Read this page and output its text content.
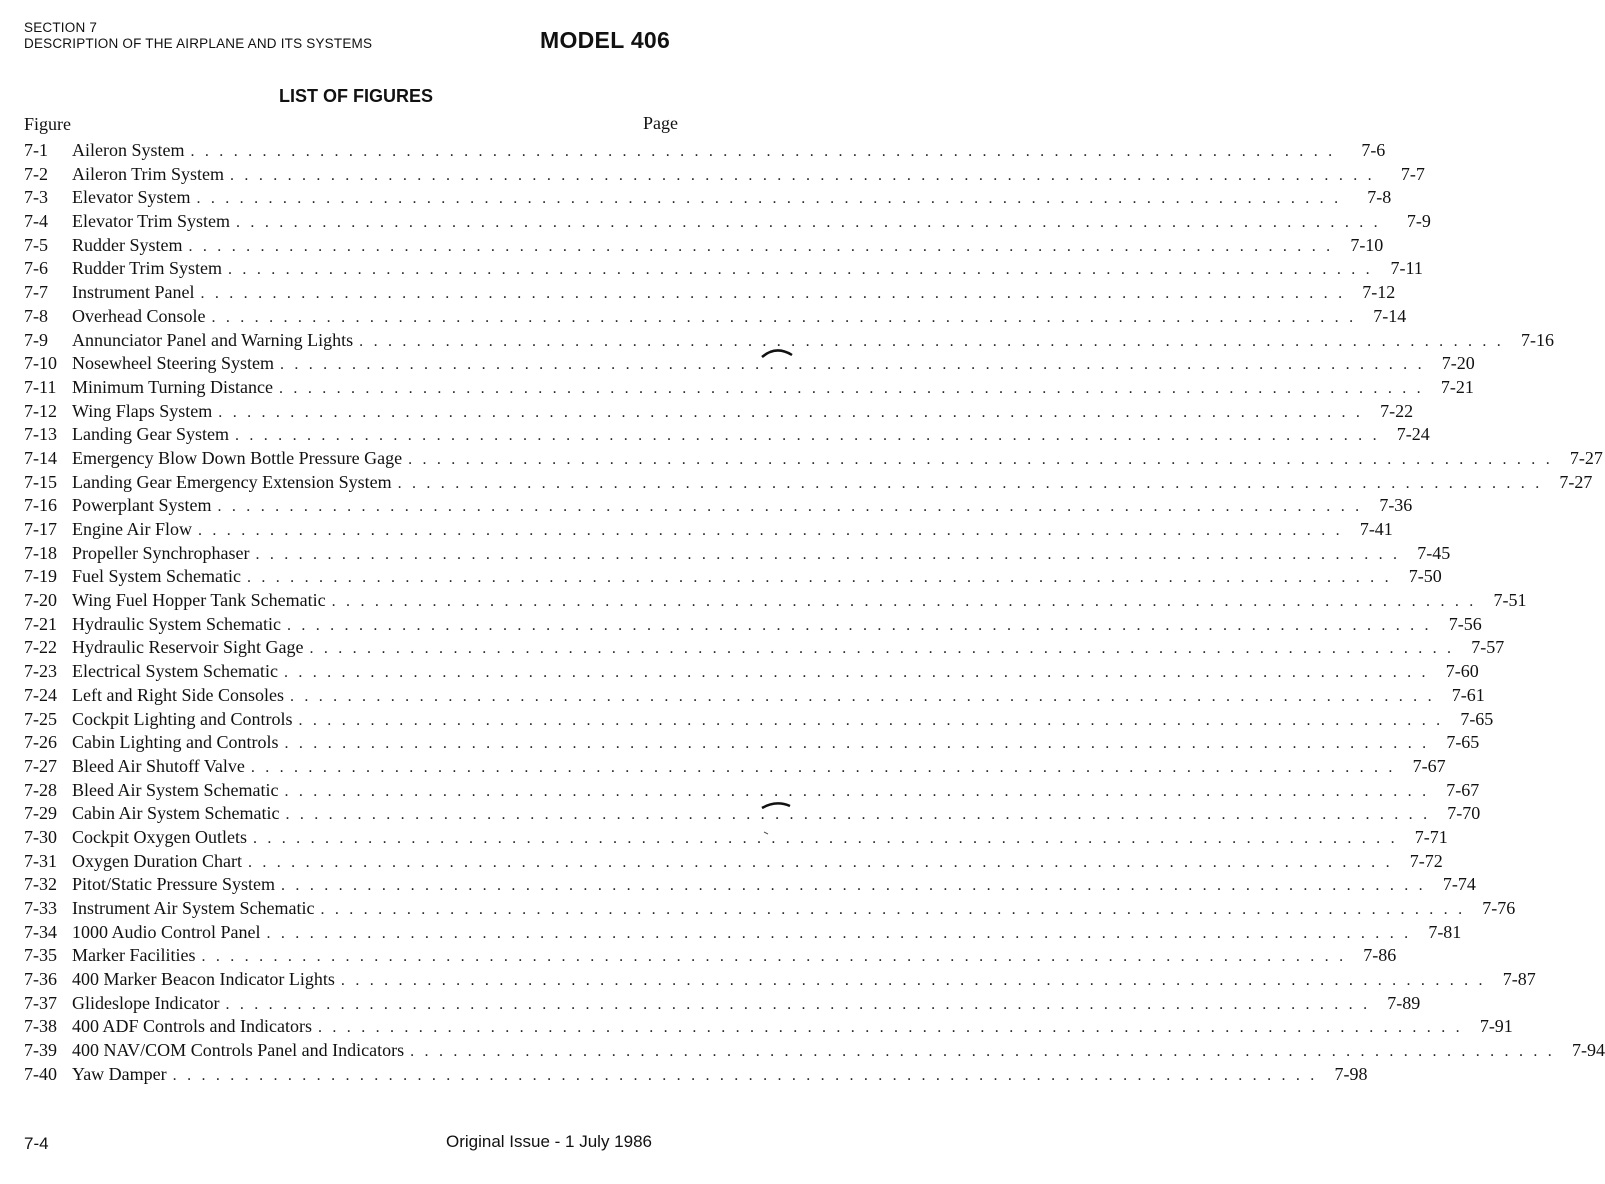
SECTION 7
DESCRIPTION OF THE AIRPLANE AND ITS SYSTEMS	MODEL 406
LIST OF FIGURES
Figure	Page
7-1	Aileron System . . . . . . . . . . . . . . . . . . . . . . . . . . . . . . . . . . . . . . . . . . . . . . . . . . . . . . . . . . . . . . . . . . . . . . . . . . . . . . . .	7-6
7-2	Aileron Trim System . . . . . . . . . . . . . . . . . . . . . . . . . . . . . . . . . . . . . . . . . . . . . . . . . . . . . . . . . . . . . . . . . . . . . . . . . . . . . . . .	7-7
7-3	Elevator System . . . . . . . . . . . . . . . . . . . . . . . . . . . . . . . . . . . . . . . . . . . . . . . . . . . . . . . . . . . . . . . . . . . . . . . . . . . . . . . .	7-8
7-4	Elevator Trim System . . . . . . . . . . . . . . . . . . . . . . . . . . . . . . . . . . . . . . . . . . . . . . . . . . . . . . . . . . . . . . . . . . . . . . . . . . . . . . . .	7-9
7-5	Rudder System . . . . . . . . . . . . . . . . . . . . . . . . . . . . . . . . . . . . . . . . . . . . . . . . . . . . . . . . . . . . . . . . . . . . . . . . . . . . . . . . 7-10
7-6	Rudder Trim System . . . . . . . . . . . . . . . . . . . . . . . . . . . . . . . . . . . . . . . . . . . . . . . . . . . . . . . . . . . . . . . . . . . . . . . . . . . . . . . . 7-11
7-7	Instrument Panel . . . . . . . . . . . . . . . . . . . . . . . . . . . . . . . . . . . . . . . . . . . . . . . . . . . . . . . . . . . . . . . . . . . . . . . . . . . . . . . . 7-12
7-8	Overhead Console . . . . . . . . . . . . . . . . . . . . . . . . . . . . . . . . . . . . . . . . . . . . . . . . . . . . . . . . . . . . . . . . . . . . . . . . . . . . . . . . 7-14
7-9	Annunciator Panel and Warning Lights . . . . . . . . . . . . . . . . . . . . . . . . . . . . . . . . . . . . . . . . . . . . . . . . . . . . . . . . . . . . . . . . . . . . . . . . . . . . . . . . 7-16
7-10 Nosewheel Steering System . . . . . . . . . . . . . . . . . . . . . . . . . . . . . . . . . . . . . . . . . . . . . . . . . . . . . . . . . . . . . . . . . . . . . . . . . . . . . . . . 7-20
7-11 Minimum Turning Distance . . . . . . . . . . . . . . . . . . . . . . . . . . . . . . . . . . . . . . . . . . . . . . . . . . . . . . . . . . . . . . . . . . . . . . . . . . . . . . . . 7-21
7-12 Wing Flaps System . . . . . . . . . . . . . . . . . . . . . . . . . . . . . . . . . . . . . . . . . . . . . . . . . . . . . . . . . . . . . . . . . . . . . . . . . . . . . . . . 7-22
7-13 Landing Gear System . . . . . . . . . . . . . . . . . . . . . . . . . . . . . . . . . . . . . . . . . . . . . . . . . . . . . . . . . . . . . . . . . . . . . . . . . . . . . . . . 7-24
7-14 Emergency Blow Down Bottle Pressure Gage . . . . . . . . . . . . . . . . . . . . . . . . . . . . . . . . . . . . . . . . . . . . . . . . . . . . . . . . . . . . . . . . . . . . . . . . . . . . . . . . 7-27
7-15 Landing Gear Emergency Extension System . . . . . . . . . . . . . . . . . . . . . . . . . . . . . . . . . . . . . . . . . . . . . . . . . . . . . . . . . . . . . . . . . . . . . . . . . . . . . . . . 7-27
7-16 Powerplant System . . . . . . . . . . . . . . . . . . . . . . . . . . . . . . . . . . . . . . . . . . . . . . . . . . . . . . . . . . . . . . . . . . . . . . . . . . . . . . . . 7-36
7-17 Engine Air Flow . . . . . . . . . . . . . . . . . . . . . . . . . . . . . . . . . . . . . . . . . . . . . . . . . . . . . . . . . . . . . . . . . . . . . . . . . . . . . . . . 7-41
7-18 Propeller Synchrophaser . . . . . . . . . . . . . . . . . . . . . . . . . . . . . . . . . . . . . . . . . . . . . . . . . . . . . . . . . . . . . . . . . . . . . . . . . . . . . . . . 7-45
7-19 Fuel System Schematic . . . . . . . . . . . . . . . . . . . . . . . . . . . . . . . . . . . . . . . . . . . . . . . . . . . . . . . . . . . . . . . . . . . . . . . . . . . . . . . . 7-50
7-20 Wing Fuel Hopper Tank Schematic . . . . . . . . . . . . . . . . . . . . . . . . . . . . . . . . . . . . . . . . . . . . . . . . . . . . . . . . . . . . . . . . . . . . . . . . . . . . . . . . 7-51
7-21 Hydraulic System Schematic . . . . . . . . . . . . . . . . . . . . . . . . . . . . . . . . . . . . . . . . . . . . . . . . . . . . . . . . . . . . . . . . . . . . . . . . . . . . . . . . 7-56
7-22 Hydraulic Reservoir Sight Gage . . . . . . . . . . . . . . . . . . . . . . . . . . . . . . . . . . . . . . . . . . . . . . . . . . . . . . . . . . . . . . . . . . . . . . . . . . . . . . . . 7-57
7-23 Electrical System Schematic . . . . . . . . . . . . . . . . . . . . . . . . . . . . . . . . . . . . . . . . . . . . . . . . . . . . . . . . . . . . . . . . . . . . . . . . . . . . . . . . 7-60
7-24 Left and Right Side Consoles . . . . . . . . . . . . . . . . . . . . . . . . . . . . . . . . . . . . . . . . . . . . . . . . . . . . . . . . . . . . . . . . . . . . . . . . . . . . . . . . 7-61
7-25 Cockpit Lighting and Controls . . . . . . . . . . . . . . . . . . . . . . . . . . . . . . . . . . . . . . . . . . . . . . . . . . . . . . . . . . . . . . . . . . . . . . . . . . . . . . . . 7-65
7-26 Cabin Lighting and Controls . . . . . . . . . . . . . . . . . . . . . . . . . . . . . . . . . . . . . . . . . . . . . . . . . . . . . . . . . . . . . . . . . . . . . . . . . . . . . . . . 7-65
7-27 Bleed Air Shutoff Valve . . . . . . . . . . . . . . . . . . . . . . . . . . . . . . . . . . . . . . . . . . . . . . . . . . . . . . . . . . . . . . . . . . . . . . . . . . . . . . . . 7-67
7-28 Bleed Air System Schematic . . . . . . . . . . . . . . . . . . . . . . . . . . . . . . . . . . . . . . . . . . . . . . . . . . . . . . . . . . . . . . . . . . . . . . . . . . . . . . . . 7-67
7-29 Cabin Air System Schematic . . . . . . . . . . . . . . . . . . . . . . . . . . . . . . . . . . . . . . . . . . . . . . . . . . . . . . . . . . . . . . . . . . . . . . . . . . . . . . . . 7-70
7-30 Cockpit Oxygen Outlets . . . . . . . . . . . . . . . . . . . . . . . . . . . . . . . . . . . . . . . . . . . . . . . . . . . . . . . . . . . . . . . . . . . . . . . . . . . . . . . . 7-71
7-31 Oxygen Duration Chart . . . . . . . . . . . . . . . . . . . . . . . . . . . . . . . . . . . . . . . . . . . . . . . . . . . . . . . . . . . . . . . . . . . . . . . . . . . . . . . . 7-72
7-32 Pitot/Static Pressure System . . . . . . . . . . . . . . . . . . . . . . . . . . . . . . . . . . . . . . . . . . . . . . . . . . . . . . . . . . . . . . . . . . . . . . . . . . . . . . . . 7-74
7-33 Instrument Air System Schematic . . . . . . . . . . . . . . . . . . . . . . . . . . . . . . . . . . . . . . . . . . . . . . . . . . . . . . . . . . . . . . . . . . . . . . . . . . . . . . . . 7-76
7-34 1000 Audio Control Panel . . . . . . . . . . . . . . . . . . . . . . . . . . . . . . . . . . . . . . . . . . . . . . . . . . . . . . . . . . . . . . . . . . . . . . . . . . . . . . . . 7-81
7-35 Marker Facilities . . . . . . . . . . . . . . . . . . . . . . . . . . . . . . . . . . . . . . . . . . . . . . . . . . . . . . . . . . . . . . . . . . . . . . . . . . . . . . . . 7-86
7-36 400 Marker Beacon Indicator Lights . . . . . . . . . . . . . . . . . . . . . . . . . . . . . . . . . . . . . . . . . . . . . . . . . . . . . . . . . . . . . . . . . . . . . . . . . . . . . . . . 7-87
7-37 Glideslope Indicator . . . . . . . . . . . . . . . . . . . . . . . . . . . . . . . . . . . . . . . . . . . . . . . . . . . . . . . . . . . . . . . . . . . . . . . . . . . . . . . . 7-89
7-38 400 ADF Controls and Indicators . . . . . . . . . . . . . . . . . . . . . . . . . . . . . . . . . . . . . . . . . . . . . . . . . . . . . . . . . . . . . . . . . . . . . . . . . . . . . . . . 7-91
7-39 400 NAV/COM Controls Panel and Indicators . . . . . . . . . . . . . . . . . . . . . . . . . . . . . . . . . . . . . . . . . . . . . . . . . . . . . . . . . . . . . . . . . . . . . . . . . . . . . . . . 7-94
7-40 Yaw Damper . . . . . . . . . . . . . . . . . . . . . . . . . . . . . . . . . . . . . . . . . . . . . . . . . . . . . . . . . . . . . . . . . . . . . . . . . . . . . . . . 7-98
7-4	Original Issue - 1 July 1986
